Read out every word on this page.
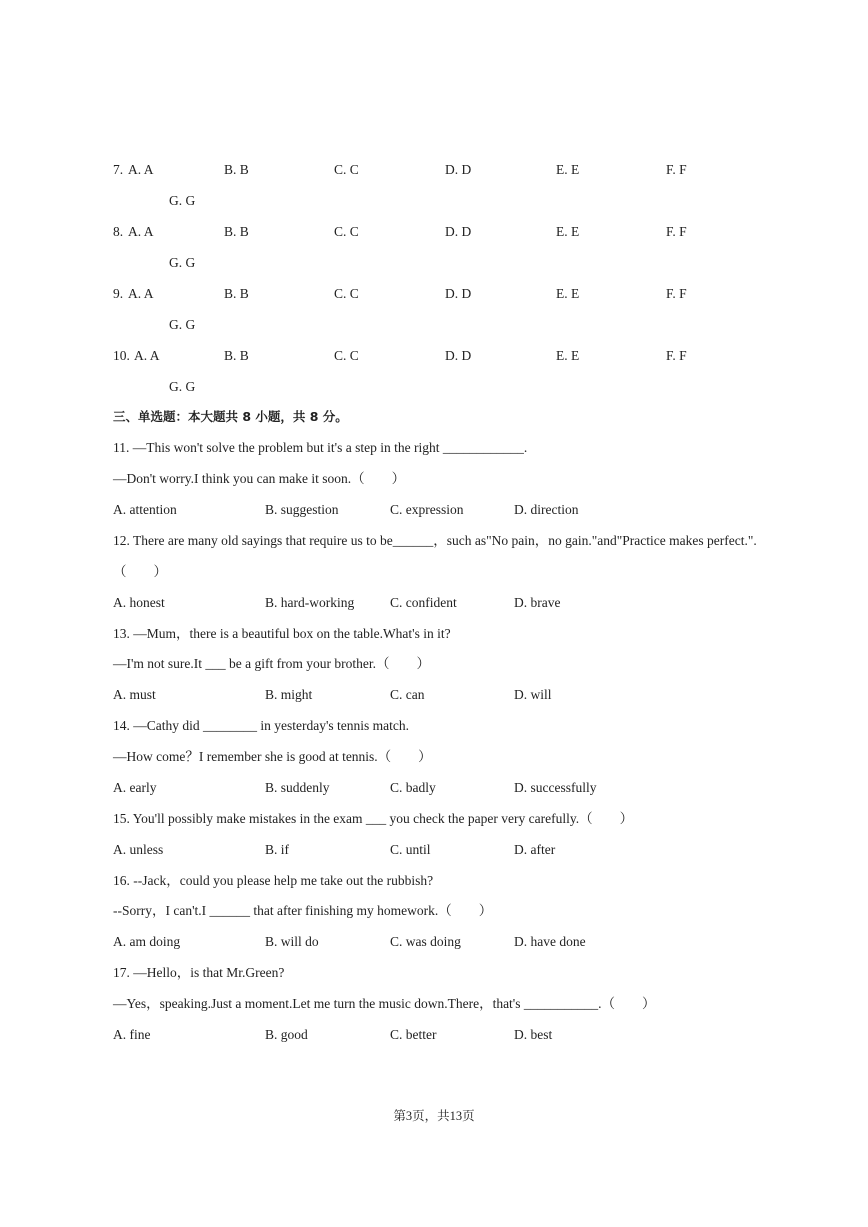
7. A. A	B. B	C. C	D. D	E. E	F. F
G. G
8. A. A	B. B	C. C	D. D	E. E	F. F
G. G
9. A. A	B. B	C. C	D. D	E. E	F. F
G. G
10. A. A	B. B	C. C	D. D	E. E	F. F
G. G
三、单选题：本大题共 8 小题，共 8 分。
11. —This won't solve the problem but it's a step in the right ____________.
—Don't worry.I think you can make it soon.（　　）
A. attention	B. suggestion	C. expression	D. direction
12. There are many old sayings that require us to be______，such as"No pain，no gain."and"Practice makes perfect.".
（　　）
A. honest	B. hard-working	C. confident	D. brave
13. —Mum，there is a beautiful box on the table.What's in it?
—I'm not sure.It ___ be a gift from your brother.（　　）
A. must	B. might	C. can	D. will
14. —Cathy did ________ in yesterday's tennis match.
—How come？I remember she is good at tennis.（　　）
A. early	B. suddenly	C. badly	D. successfully
15. You'll possibly make mistakes in the exam ___ you check the paper very carefully.（　　）
A. unless	B. if	C. until	D. after
16. --Jack，could you please help me take out the rubbish?
--Sorry，I can't.I ______ that after finishing my homework.（　　）
A. am doing	B. will do	C. was doing	D. have done
17. —Hello，is that Mr.Green?
—Yes，speaking.Just a moment.Let me turn the music down.There，that's ___________.（　　）
A. fine	B. good	C. better	D. best
第3页，共13页
